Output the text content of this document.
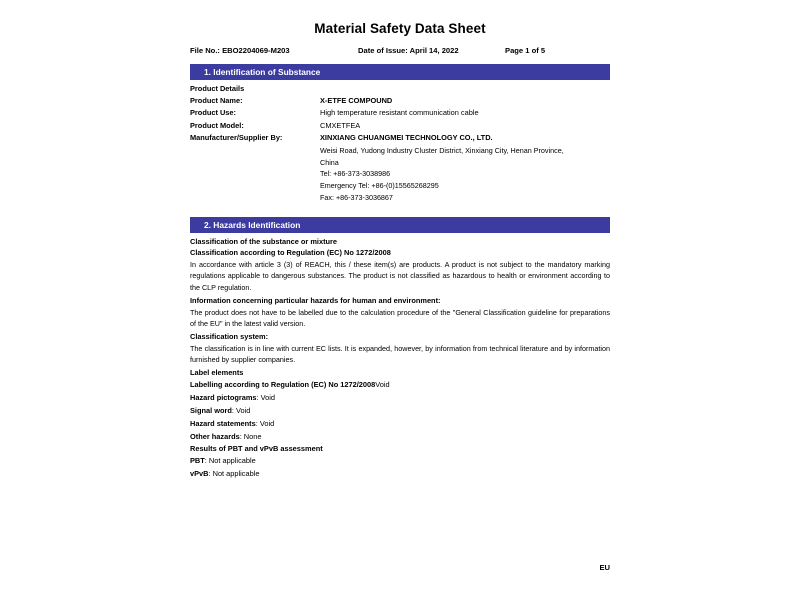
Material Safety Data Sheet
File No.: EBO2204069-M203	Date of Issue: April 14, 2022	Page 1 of 5
1. Identification of Substance
Product Details
Product Name:	X-ETFE COMPOUND
Product Use:	High temperature resistant communication cable
Product Model:	CMXETFEA
Manufacturer/Supplier By:	XINXIANG CHUANGMEI TECHNOLOGY CO., LTD.
Weisi Road, Yudong Industry Cluster District, Xinxiang City, Henan Province,
China
Tel: +86-373-3038986
Emergency Tel: +86-(0)15565268295
Fax: +86-373-3036867
2. Hazards Identification
Classification of the substance or mixture
Classification according to Regulation (EC) No 1272/2008
In accordance with article 3 (3) of REACH, this / these item(s) are products. A product is not subject to the mandatory marking regulations applicable to dangerous substances. The product is not classified as hazardous to health or environment according to the CLP regulation.
Information concerning particular hazards for human and environment:
The product does not have to be labelled due to the calculation procedure of the "General Classification guideline for preparations of the EU" in the latest valid version.
Classification system:
The classification is in line with current EC lists. It is expanded, however, by information from technical literature and by information furnished by supplier companies.
Label elements
Labelling according to Regulation (EC) No 1272/2008Void
Hazard pictograms: Void
Signal word: Void
Hazard statements: Void
Other hazards: None
Results of PBT and vPvB assessment
PBT: Not applicable
vPvB: Not applicable
EU
